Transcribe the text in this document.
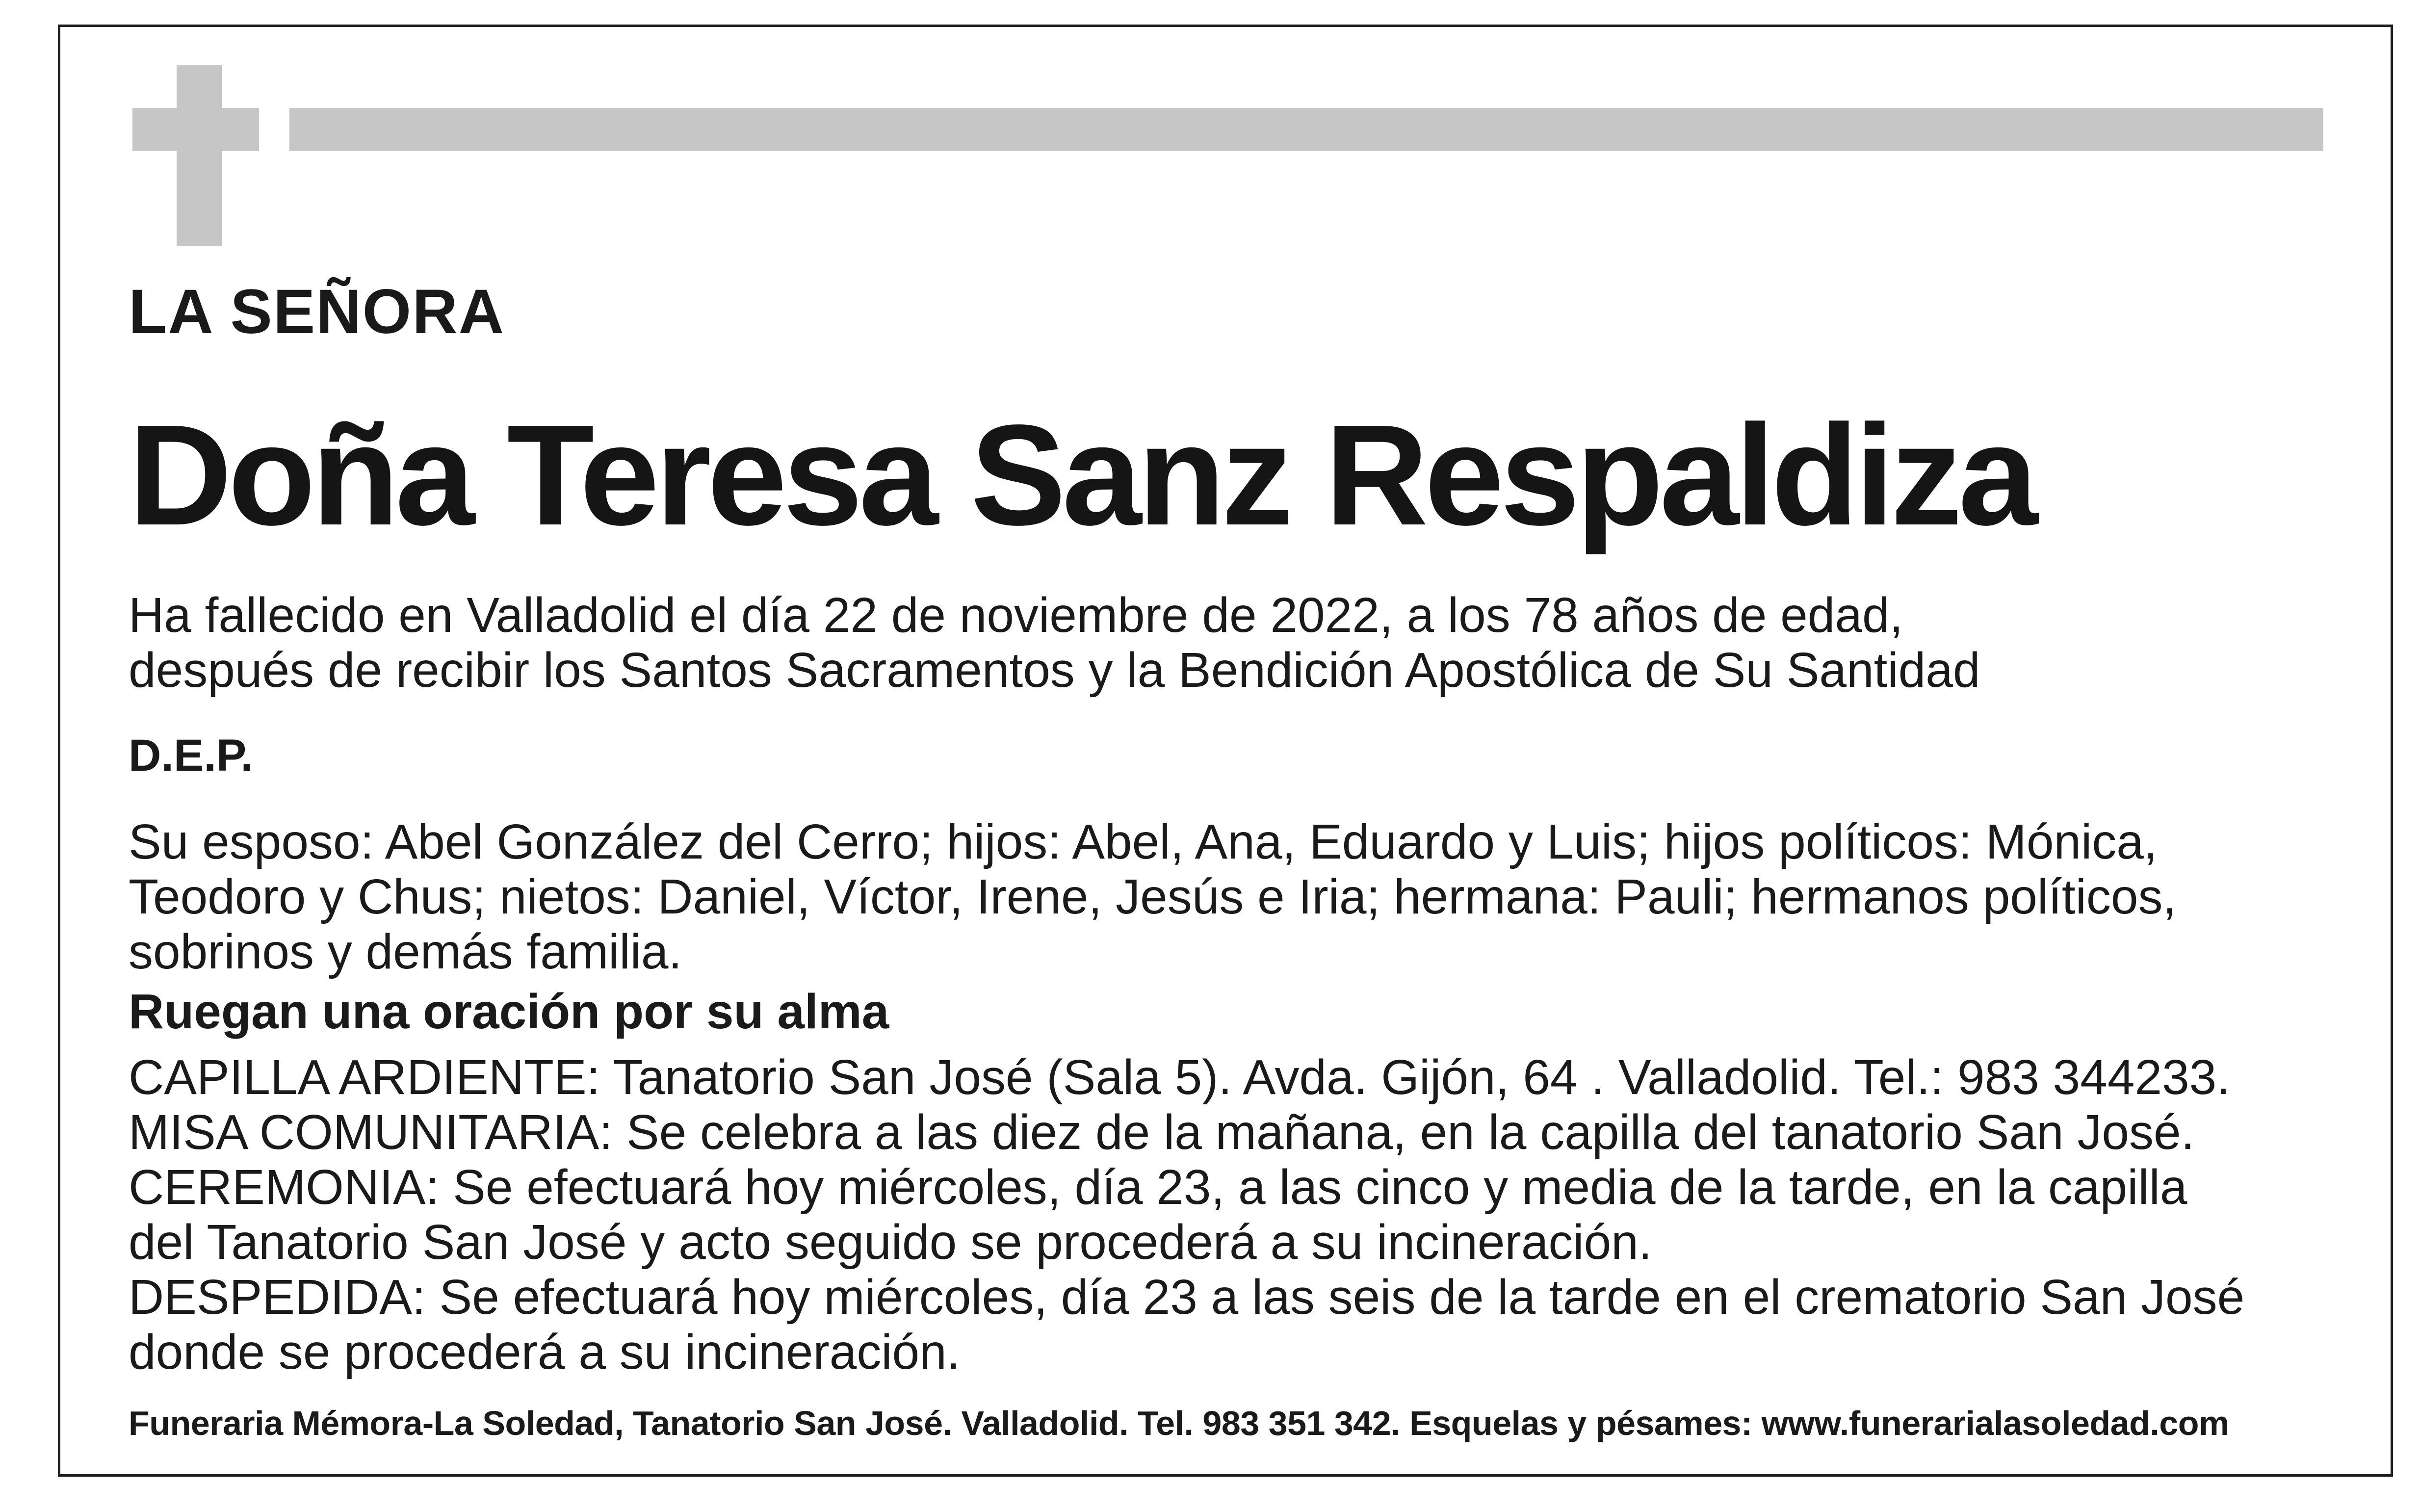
LA SEÑORA
Doña Teresa Sanz Respaldiza
Ha fallecido en Valladolid el día 22 de noviembre de 2022, a los 78 años de edad,
después de recibir los Santos Sacramentos y la Bendición Apostólica de Su Santidad
D.E.P.
Su esposo: Abel González del Cerro; hijos: Abel, Ana, Eduardo y Luis; hijos políticos: Mónica,
Teodoro y Chus; nietos: Daniel, Víctor, Irene, Jesús e Iria; hermana: Pauli; hermanos políticos,
sobrinos y demás familia.
Ruegan una oración por su alma
CAPILLA ARDIENTE: Tanatorio San José (Sala 5). Avda. Gijón, 64 . Valladolid. Tel.: 983 344233.
MISA COMUNITARIA: Se celebra a las diez de la mañana, en la capilla del tanatorio San José.
CEREMONIA: Se efectuará hoy miércoles, día 23, a las cinco y media de la tarde, en la capilla
del Tanatorio San José y acto seguido se procederá a su incineración.
DESPEDIDA: Se efectuará hoy miércoles, día 23 a las seis de la tarde en el crematorio San José
donde se procederá a su incineración.
Funeraria Mémora-La Soledad, Tanatorio San José. Valladolid. Tel. 983 351 342. Esquelas y pésames: www.funerarialasoledad.com
